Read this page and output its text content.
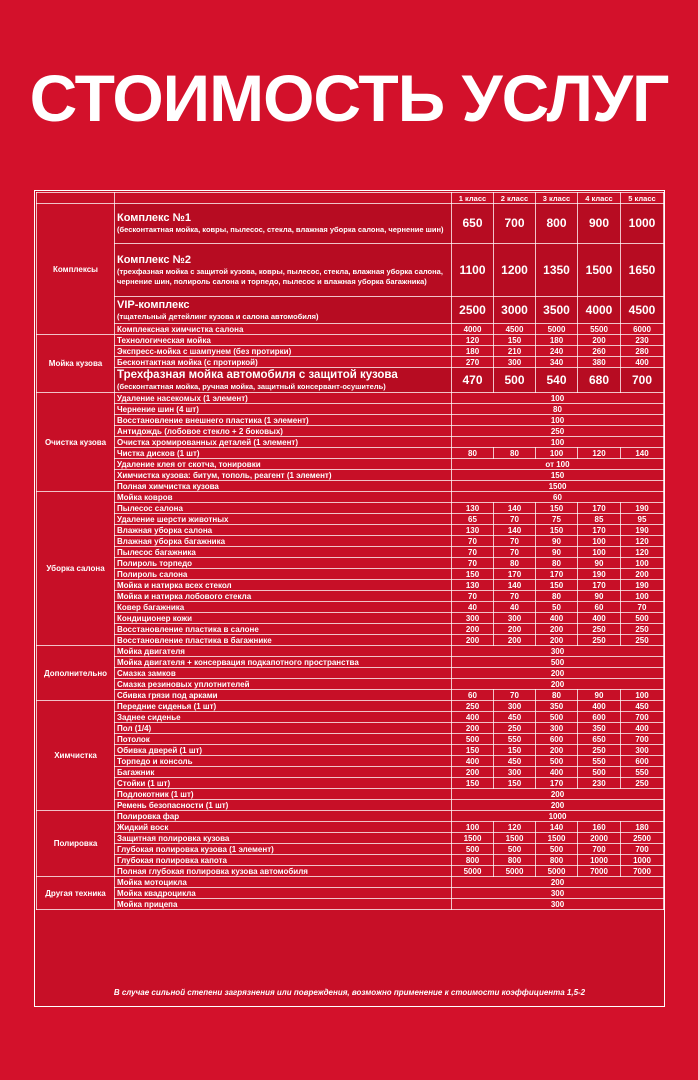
СТОИМОСТЬ УСЛУГ
		1 класс	2 класс	3 класс	4 класс	5 класс
Комплексы	Комплекс №1
(бесконтактная мойка, ковры, пылесос, стекла, влажная уборка салона, чернение шин)	650	700	800	900	1000

	Комплекс №2
(трехфазная мойка с защитой кузова, ковры, пылесос, стекла, влажная уборка салона, чернение шин, полироль салона и торпедо, пылесос и влажная уборка багажника)	1100	1200	1350	1500	1650

	VIP-комплекс
(тщательный детейлинг кузова и салона автомобиля)	2500	3000	3500	4000	4500
	Комплексная химчистка салона	4000	4500	5000	5500	6000
Мойка кузова	Технологическая мойка	120	150	180	200	230
	Экспресс-мойка с шампунем (без протирки)	180	210	240	260	280
	Бесконтактная мойка (с протиркой)	270	300	340	380	400

	Трехфазная мойка автомобиля с защитой кузова
(бесконтактная мойка, ручная мойка, защитный консервант-осушитель)	470	500	540	680	700
Очистка кузова	Удаление насекомых (1 элемент)	100				
	Чернение шин (4 шт)	80				
	Восстановление внешнего пластика (1 элемент)	100				
	Антидождь (лобовое стекло + 2 боковых)	250				
	Очистка хромированных деталей (1 элемент)	100				
	Чистка дисков (1 шт)	80	80	100	120	140
	Удаление клея от скотча, тонировки	от 100				
	Химчистка кузова: битум, тополь, реагент (1 элемент)	150				
	Полная химчистка кузова	1500				
Уборка салона	Мойка ковров	60				
	Пылесос салона	130	140	150	170	190
	Удаление шерсти животных	65	70	75	85	95
	Влажная уборка салона	130	140	150	170	190
	Влажная уборка багажника	70	70	90	100	120
	Пылесос багажника	70	70	90	100	120
	Полироль торпедо	70	80	80	90	100
	Полироль салона	150	170	170	190	200
	Мойка и натирка всех стекол	130	140	150	170	190
	Мойка и натирка лобового стекла	70	70	80	90	100
	Ковер багажника	40	40	50	60	70
	Кондиционер кожи	300	300	400	400	500
	Восстановление пластика в салоне	200	200	200	250	250
	Восстановление пластика в багажнике	200	200	200	250	250
Дополнительно	Мойка двигателя	300				
	Мойка двигателя + консервация подкапотного пространства	500				
	Смазка замков	200				
	Смазка резиновых уплотнителей	200				
	Сбивка грязи под арками	60	70	80	90	100
Химчистка	Передние сиденья (1 шт)	250	300	350	400	450
	Заднее сиденье	400	450	500	600	700
	Пол (1/4)	200	250	300	350	400
	Потолок	500	550	600	650	700
	Обивка дверей (1 шт)	150	150	200	250	300
	Торпедо и консоль	400	450	500	550	600
	Багажник	200	300	400	500	550
	Стойки (1 шт)	150	150	170	230	250
	Подлокотник (1 шт)	200				
	Ремень безопасности (1 шт)	200				
Полировка	Полировка фар	1000				
	Жидкий воск	100	120	140	160	180
	Защитная полировка кузова	1500	1500	1500	2000	2500
	Глубокая полировка кузова (1 элемент)	500	500	500	700	700
	Глубокая полировка капота	800	800	800	1000	1000
	Полная глубокая полировка кузова автомобиля	5000	5000	5000	7000	7000
Другая техника	Мойка мотоцикла	200				
	Мойка квадроцикла	300				
	Мойка прицепа	300				
В случае сильной степени загрязнения или повреждения, возможно применение к стоимости коэффициента 1,5-2
